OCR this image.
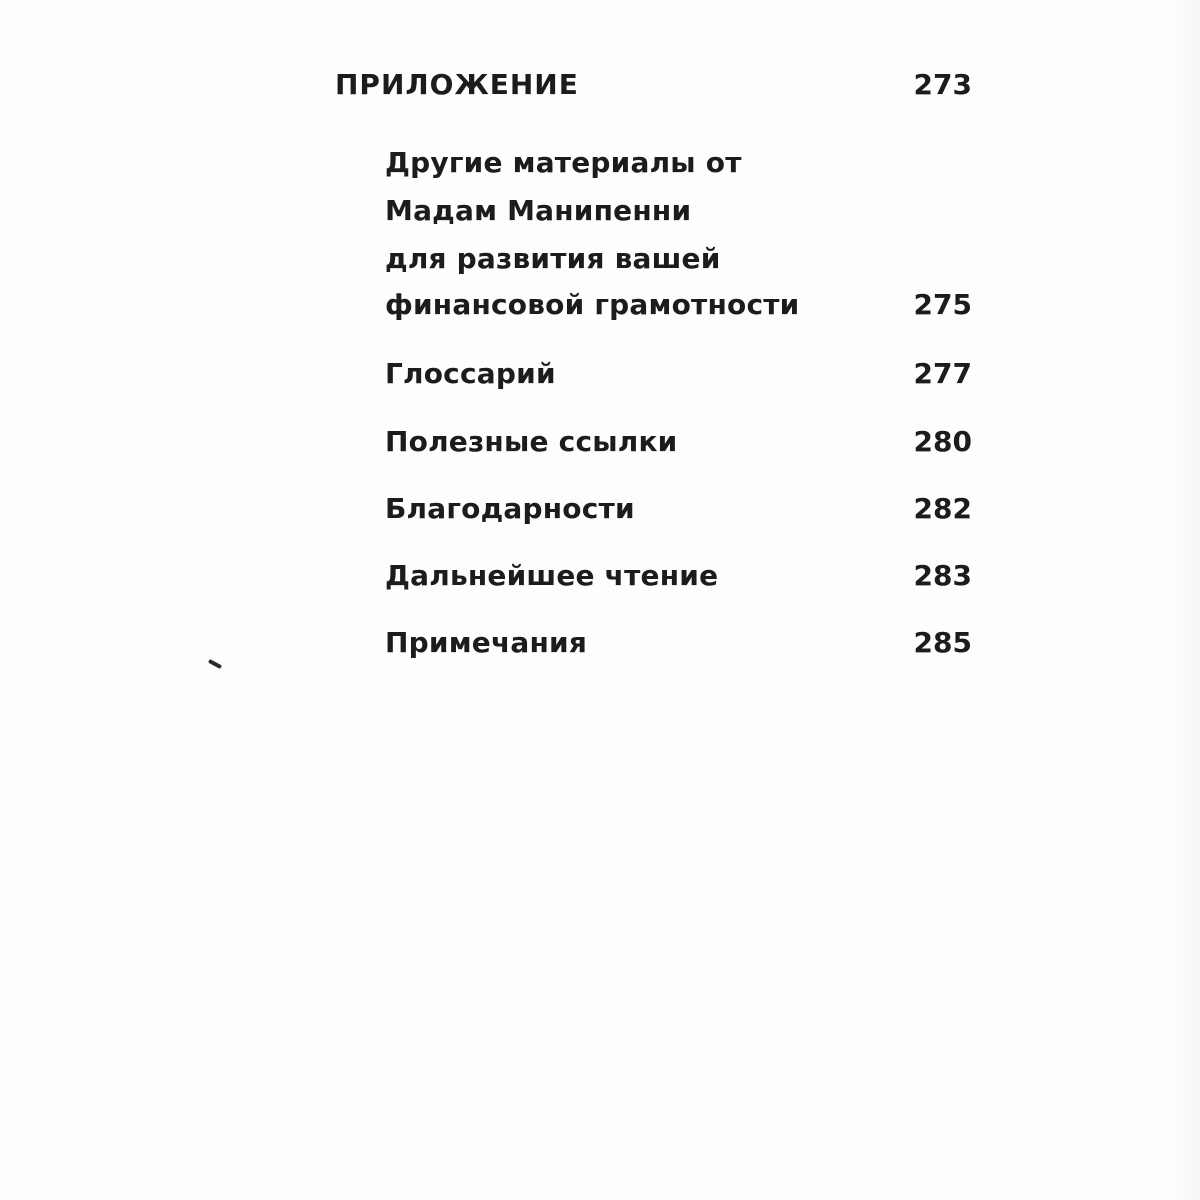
ПРИЛОЖЕНИЕ	273
Другие материалы от
Мадам Манипенни
для развития вашей
финансовой грамотности	275
Глоссарий	277
Полезные ссылки	280
Благодарности	282
Дальнейшее чтение	283
Примечания	285
